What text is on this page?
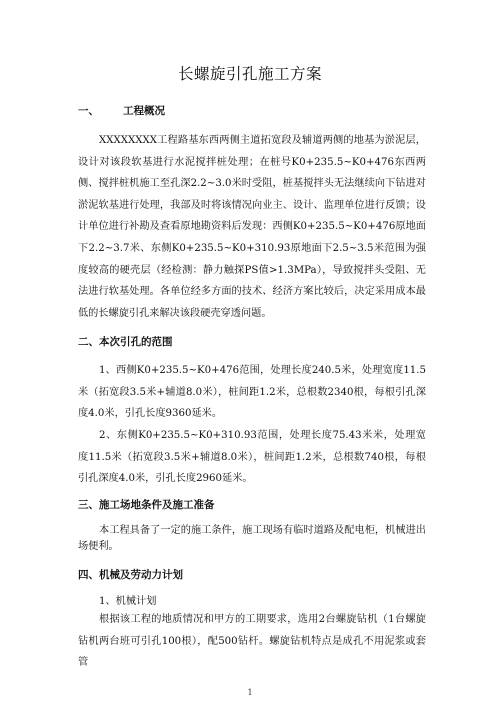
长螺旋引孔施工方案
一、 工程概况

XXXXXXXX工程路基东西两侧主道拓宽段及辅道两侧的地基为淤泥层，设计对该段软基进行水泥搅拌桩处理；在桩号K0+235.5~K0+476东西两侧、搅拌桩机施工至孔深2.2~3.0米时受阻，桩基搅拌头无法继续向下钻进对淤泥软基进行处理，我部及时将该情况向业主、设计、监理单位进行反馈；设计单位进行补勘及查看原地勘资料后发现：西侧K0+235.5~K0+476原地面下2.2~3.7米、东侧K0+235.5~K0+310.93原地面下2.5~3.5米范围为强度较高的硬壳层（经检测：静力触探PS值>1.3MPa），导致搅拌头受阻、无法进行软基处理。各单位经多方面的技术、经济方案比较后，决定采用成本最低的长螺旋引孔来解决该段硬壳穿透问题。

二、本次引孔的范围

1、西侧K0+235.5~K0+476范围，处理长度240.5米，处理宽度11.5米（拓宽段3.5米+辅道8.0米），桩间距1.2米，总根数2340根，每根引孔深度4.0米，引孔长度9360延米。

2、东侧K0+235.5~K0+310.93范围，处理长度75.43米米，处理宽度11.5米（拓宽段3.5米+辅道8.0米），桩间距1.2米，总根数740根，每根引孔深度4.0米，引孔长度2960延米。

三、施工场地条件及施工准备

本工程具备了一定的施工条件，施工现场有临时道路及配电柜，机械进出场便利。

四、机械及劳动力计划
1、机械计划

根据该工程的地质情况和甲方的工期要求，选用2台螺旋钻机（1台螺旋钻机两台班可引孔100根），配500钻杆。螺旋钻机特点是成孔不用泥浆或套管

1
